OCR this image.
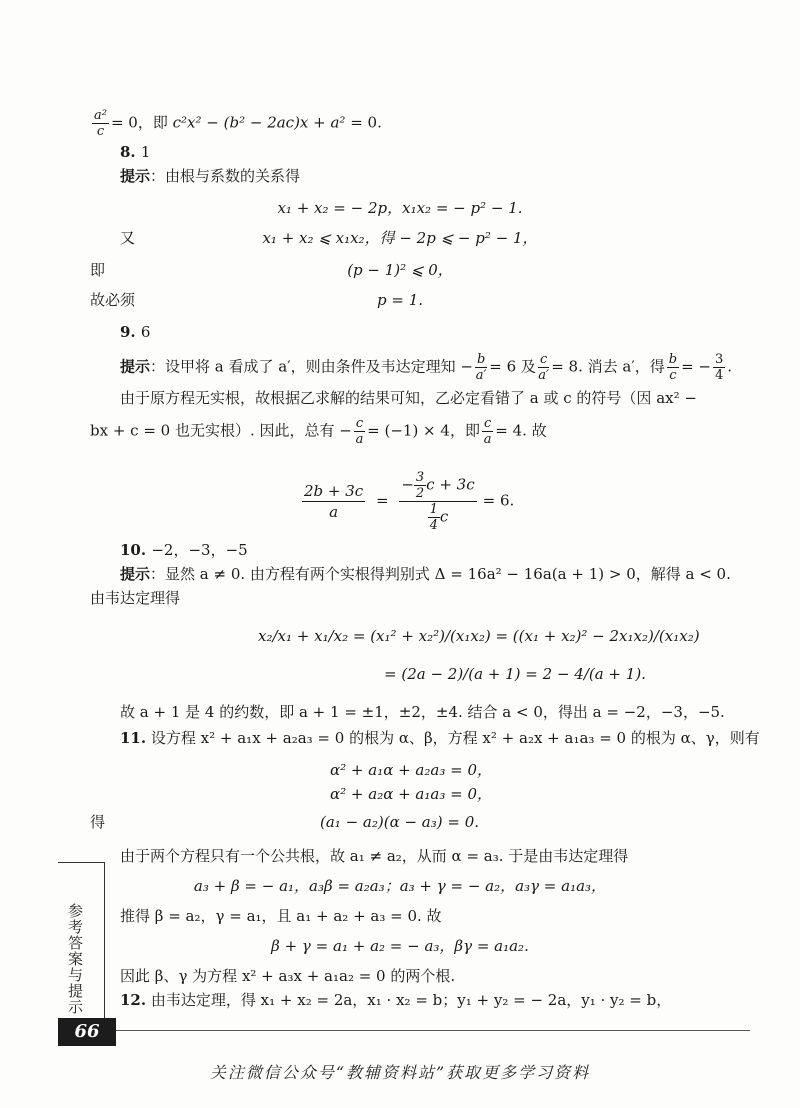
$\frac{\text{a²}}{c} = 0$，即 c²x² − (b² − 2ac)x + a² = 0.
8. 1
提示：由根与系数的关系得
x₁ + x₂ = − 2p，x₁x₂ = − p² − 1.
又	x₁ + x₂ ⩽ x₁x₂，得 − 2p ⩽ − p² − 1，
即	(p − 1)² ⩽ 0，
故必须	p = 1.
9. 6
提示：设甲将 a 看成了 a′，则由条件及韦达定理知 − $\frac{b}{a'} = 6$ 及 $\frac{c}{a'} = 8$. 消去 a′，得 $\frac{b}{c}$ = − $\frac{3}{4}$ .
由于原方程无实根，故根据乙求解的结果可知，乙必定看错了 a 或 c 的符号（因 ax² −
bx + c = 0 也无实根）. 因此，总有 − $\frac{c}{a} = (-1) \times 4$，即 $\frac{c}{a} = 4$. 故
$\frac{2b + 3c}{a} = \frac{- \frac{3}{2} c + 3c}{\frac{1}{4} c} = 6$.
10. −2，−3，−5
提示：显然 a ≠ 0. 由方程有两个实根得判别式 Δ = 16a² − 16a(a + 1) > 0，解得 a < 0.
由韦达定理得
x₂/x₁ + x₁/x₂ = (x₁² + x₂²)/(x₁x₂) = ((x₁ + x₂)² − 2x₁x₂)/(x₁x₂)
= (2a − 2)/(a + 1) = 2 − 4/(a + 1).
故 a + 1 是 4 的约数，即 a + 1 = ±1，±2，±4. 结合 a < 0，得出 a = −2，−3，−5.
11. 设方程 x² + a₁x + a₂a₃ = 0 的根为 α、β，方程 x² + a₂x + a₁a₃ = 0 的根为 α、γ，则有
α² + a₁α + a₂a₃ = 0，
α² + a₂α + a₁a₃ = 0，
得	(a₁ − a₂)(α − a₃) = 0.
由于两个方程只有一个公共根，故 a₁ ≠ a₂，从而 α = a₃. 于是由韦达定理得
a₃ + β = − a₁，a₃β = a₂a₃；a₃ + γ = − a₂，a₃γ = a₁a₃，
推得 β = a₂，γ = a₁，且 a₁ + a₂ + a₃ = 0. 故
β + γ = a₁ + a₂ = − a₃，βγ = a₁a₂.
因此 β、γ 为方程 x² + a₃x + a₁a₂ = 0 的两个根.
12. 由韦达定理，得 x₁ + x₂ = 2a，x₁ · x₂ = b；y₁ + y₂ = − 2a，y₁ · y₂ = b，
参考答案与提示
66
关注微信公众号“教辅资料站”获取更多学习资料
